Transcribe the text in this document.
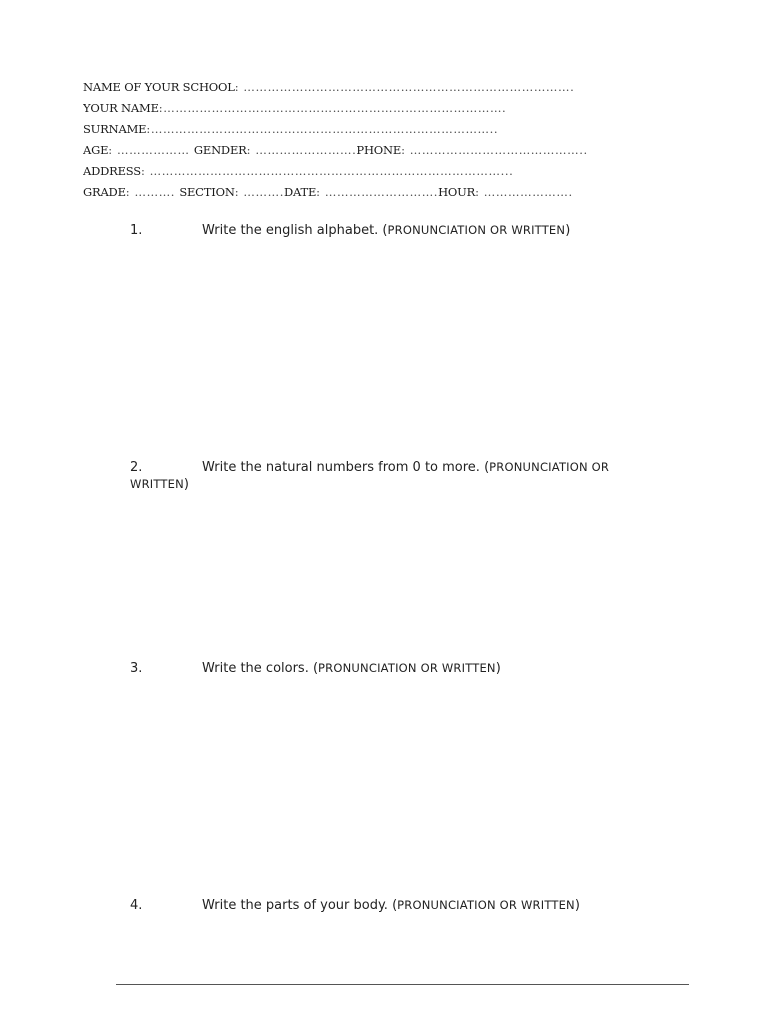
NAME OF YOUR SCHOOL: ……………………………………………………………………….
YOUR NAME:………………………………………………………………………….
SURNAME:…………………………………………………………………………..
AGE: ……………… GENDER: …………………….PHONE: ……………………………………..
ADDRESS: ……………………………………………………………………………...
GRADE: ………. SECTION: ……….DATE: ……………………….HOUR: ………………….
1.	Write the english alphabet. (PRONUNCIATION OR WRITTEN)
2.	Write the natural numbers from 0 to more. (PRONUNCIATION OR WRITTEN)
3.	Write the colors. (PRONUNCIATION OR WRITTEN)
4.	Write the parts of your body. (PRONUNCIATION OR WRITTEN)
